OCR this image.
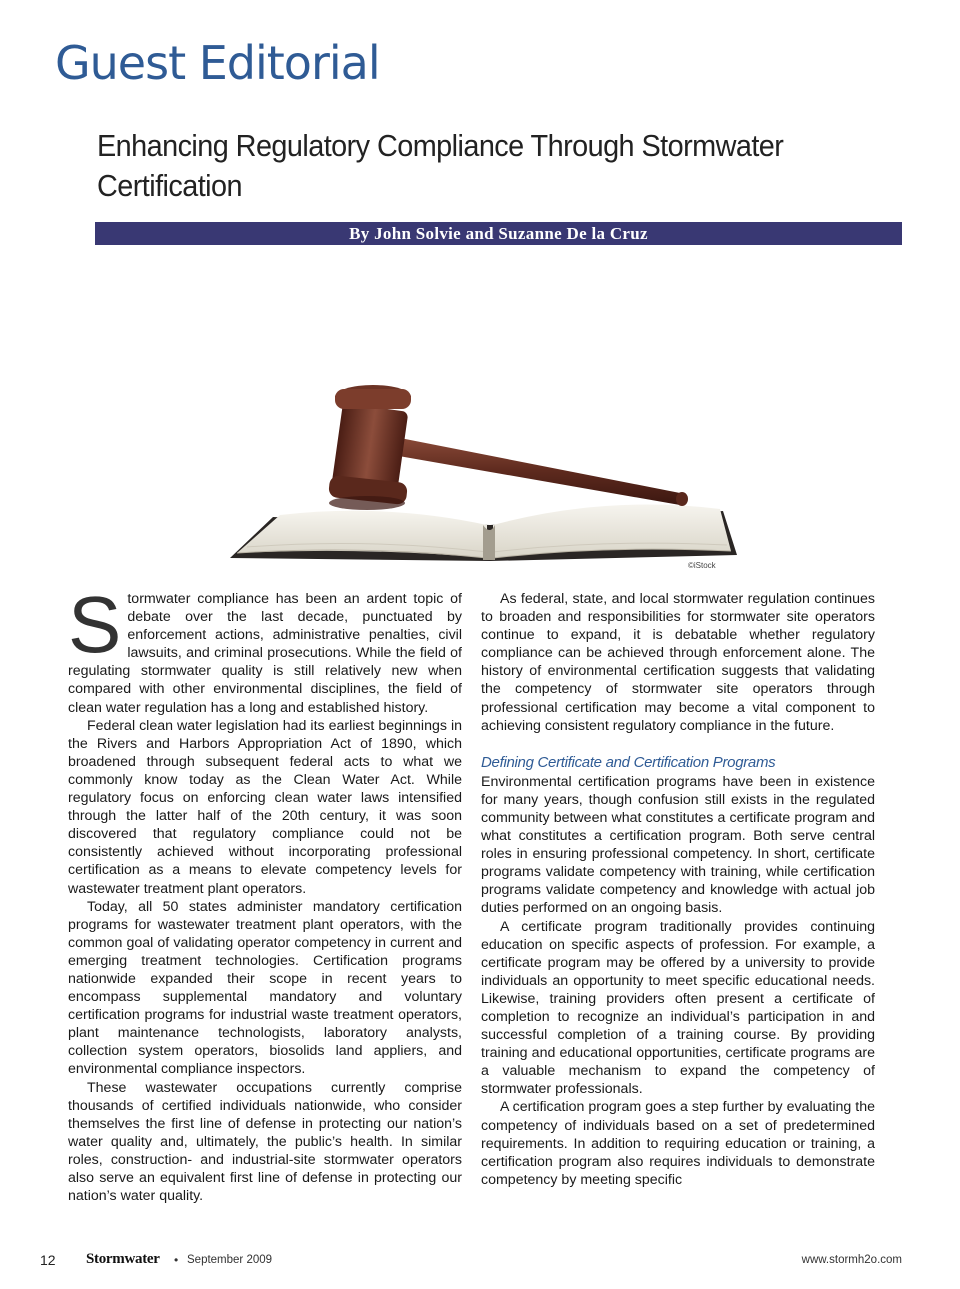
Guest Editorial
Enhancing Regulatory Compliance Through Stormwater Certification
By John Solvie and Suzanne De la Cruz
©iStock

Stormwater compliance has been an ardent topic of debate over the last decade, punctuated by enforcement actions, administrative penalties, civil lawsuits, and criminal prosecutions. While the field of regulating stormwater quality is still relatively new when compared with other environmental disciplines, the field of clean water regulation has a long and established history.

Federal clean water legislation had its earliest beginnings in the Rivers and Harbors Appropriation Act of 1890, which broadened through subsequent federal acts to what we commonly know today as the Clean Water Act. While regulatory focus on enforcing clean water laws intensified through the latter half of the 20th century, it was soon discovered that regulatory compliance could not be consistently achieved without incorporating professional certification as a means to elevate competency levels for wastewater treatment plant operators.

Today, all 50 states administer mandatory certification programs for wastewater treatment plant operators, with the common goal of validating operator competency in current and emerging treatment technologies. Certification programs nationwide expanded their scope in recent years to encompass supplemental mandatory and voluntary certification programs for industrial waste treatment operators, plant maintenance technologists, laboratory analysts, collection system operators, biosolids land appliers, and environmental compliance inspectors.

These wastewater occupations currently comprise thousands of certified individuals nationwide, who consider themselves the first line of defense in protecting our nation’s water quality and, ultimately, the public’s health. In similar roles, construction- and industrial-site stormwater operators also serve an equivalent first line of defense in protecting our nation’s water quality.

As federal, state, and local stormwater regulation continues to broaden and responsibilities for stormwater site operators continue to expand, it is debatable whether regulatory compliance can be achieved through enforcement alone. The history of environmental certification suggests that validating the competency of stormwater site operators through professional certification may become a vital component to achieving consistent regulatory compliance in the future.

Defining Certificate and Certification Programs

Environmental certification programs have been in existence for many years, though confusion still exists in the regulated community between what constitutes a certificate program and what constitutes a certification program. Both serve central roles in ensuring professional competency. In short, certificate programs validate competency with training, while certification programs validate competency and knowledge with actual job duties performed on an ongoing basis.

A certificate program traditionally provides continuing education on specific aspects of profession. For example, a certificate program may be offered by a university to provide individuals an opportunity to meet specific educational needs. Likewise, training providers often present a certificate of completion to recognize an individual’s participation in and successful completion of a training course. By providing training and educational opportunities, certificate programs are a valuable mechanism to expand the competency of stormwater professionals.

A certification program goes a step further by evaluating the competency of individuals based on a set of predetermined requirements. In addition to requiring education or training, a certification program also requires individuals to demonstrate competency by meeting specific

12 Stormwater • September 2009	www.stormh2o.com
